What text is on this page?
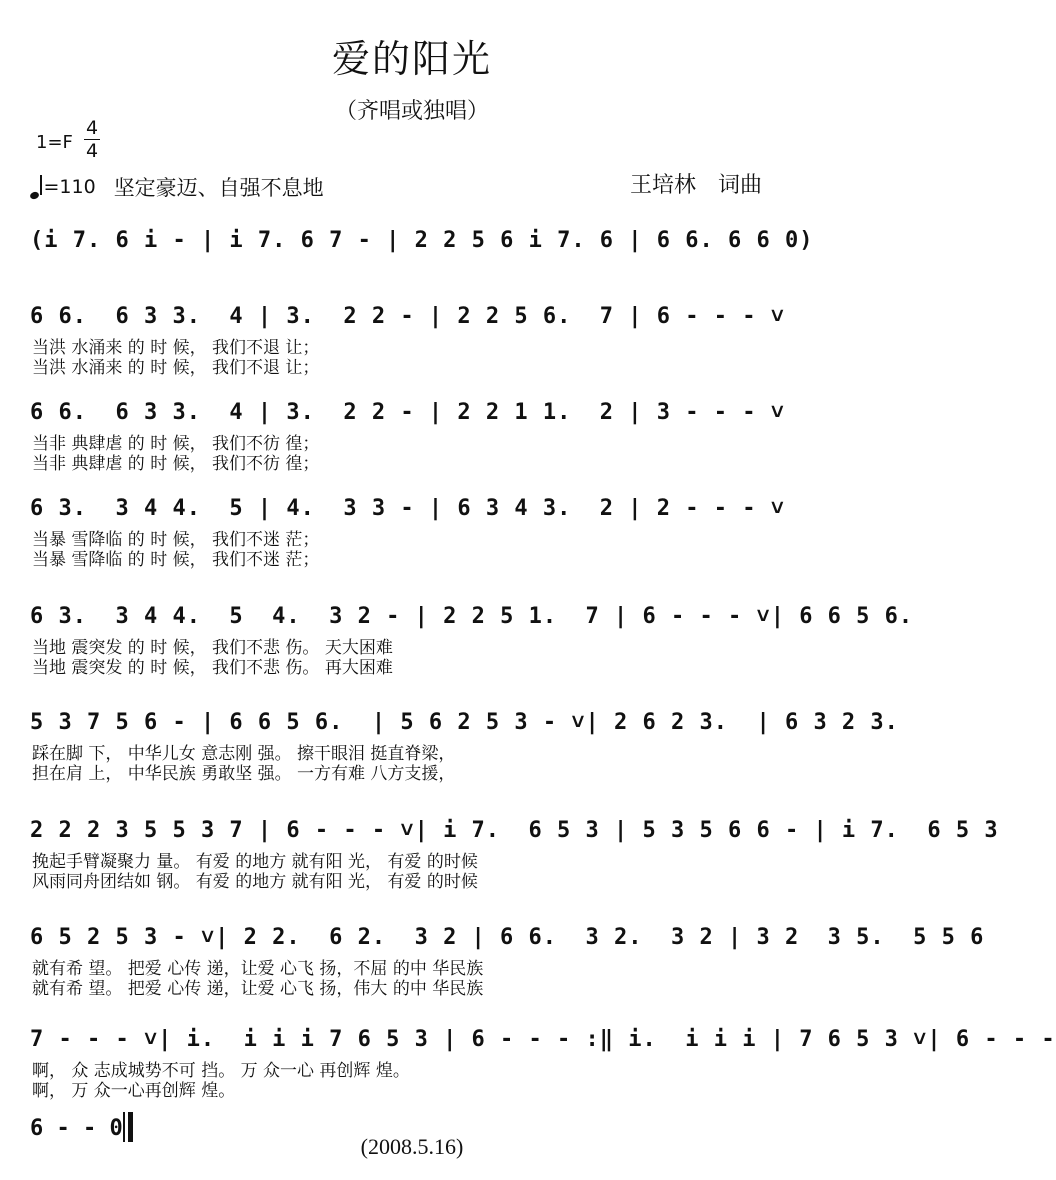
爱的阳光
（齐唱或独唱）
1=F
4
4
=110 坚定豪迈、自强不息地	王培林　词曲
(i 7. 6 i - | i 7. 6 7 - | 2 2 5 6 i 7. 6 | 6 6. 6 6 0)
6 6.  6 3 3.  4 | 3.  2 2 - | 2 2 5 6.  7 | 6 - - - ˅
当洪 水涌来 的 时 候， 我们不退 让；
当洪 水涌来 的 时 候， 我们不退 让；
6 6.  6 3 3.  4 | 3.  2 2 - | 2 2 1 1.  2 | 3 - - - ˅
当非 典肆虐 的 时 候， 我们不彷 徨；
当非 典肆虐 的 时 候， 我们不彷 徨；
6 3.  3 4 4.  5 | 4.  3 3 - | 6 3 4 3.  2 | 2 - - - ˅
当暴 雪降临 的 时 候， 我们不迷 茫；
当暴 雪降临 的 时 候， 我们不迷 茫；
6 3.  3 4 4.  5  4.  3 2 - | 2 2 5 1.  7 | 6 - - - ˅| 6 6 5 6.
当地 震突发 的 时 候， 我们不悲 伤。 天大困难
当地 震突发 的 时 候， 我们不悲 伤。 再大困难
5 3 7 5 6 - | 6 6 5 6.  | 5 6 2 5 3 - ˅| 2 6 2 3.  | 6 3 2 3.
踩在脚 下， 中华儿女 意志刚 强。 擦干眼泪 挺直脊梁，
担在肩 上， 中华民族 勇敢坚 强。 一方有难 八方支援，
2 2 2 3 5 5 3 7 | 6 - - - ˅| i 7.  6 5 3 | 5 3 5 6 6 - | i 7.  6 5 3
挽起手臂凝聚力 量。 有爱 的地方 就有阳 光， 有爱 的时候
风雨同舟团结如 钢。 有爱 的地方 就有阳 光， 有爱 的时候
6 5 2 5 3 - ˅| 2 2.  6 2.  3 2 | 6 6.  3 2.  3 2 | 3 2  3 5.  5 5 6
就有希 望。 把爱 心传 递，让爱 心飞 扬，不屈 的中 华民族
就有希 望。 把爱 心传 递，让爱 心飞 扬，伟大 的中 华民族
7 - - - ˅| i.  i i i 7 6 5 3 | 6 - - - :‖ i.  i i i | 7 6 5 3 ˅| 6 - - -
啊， 众 志成城势不可 挡。 万 众一心 再创辉 煌。
啊， 万 众一心再创辉 煌。
6 - - 0
(2008.5.16)
